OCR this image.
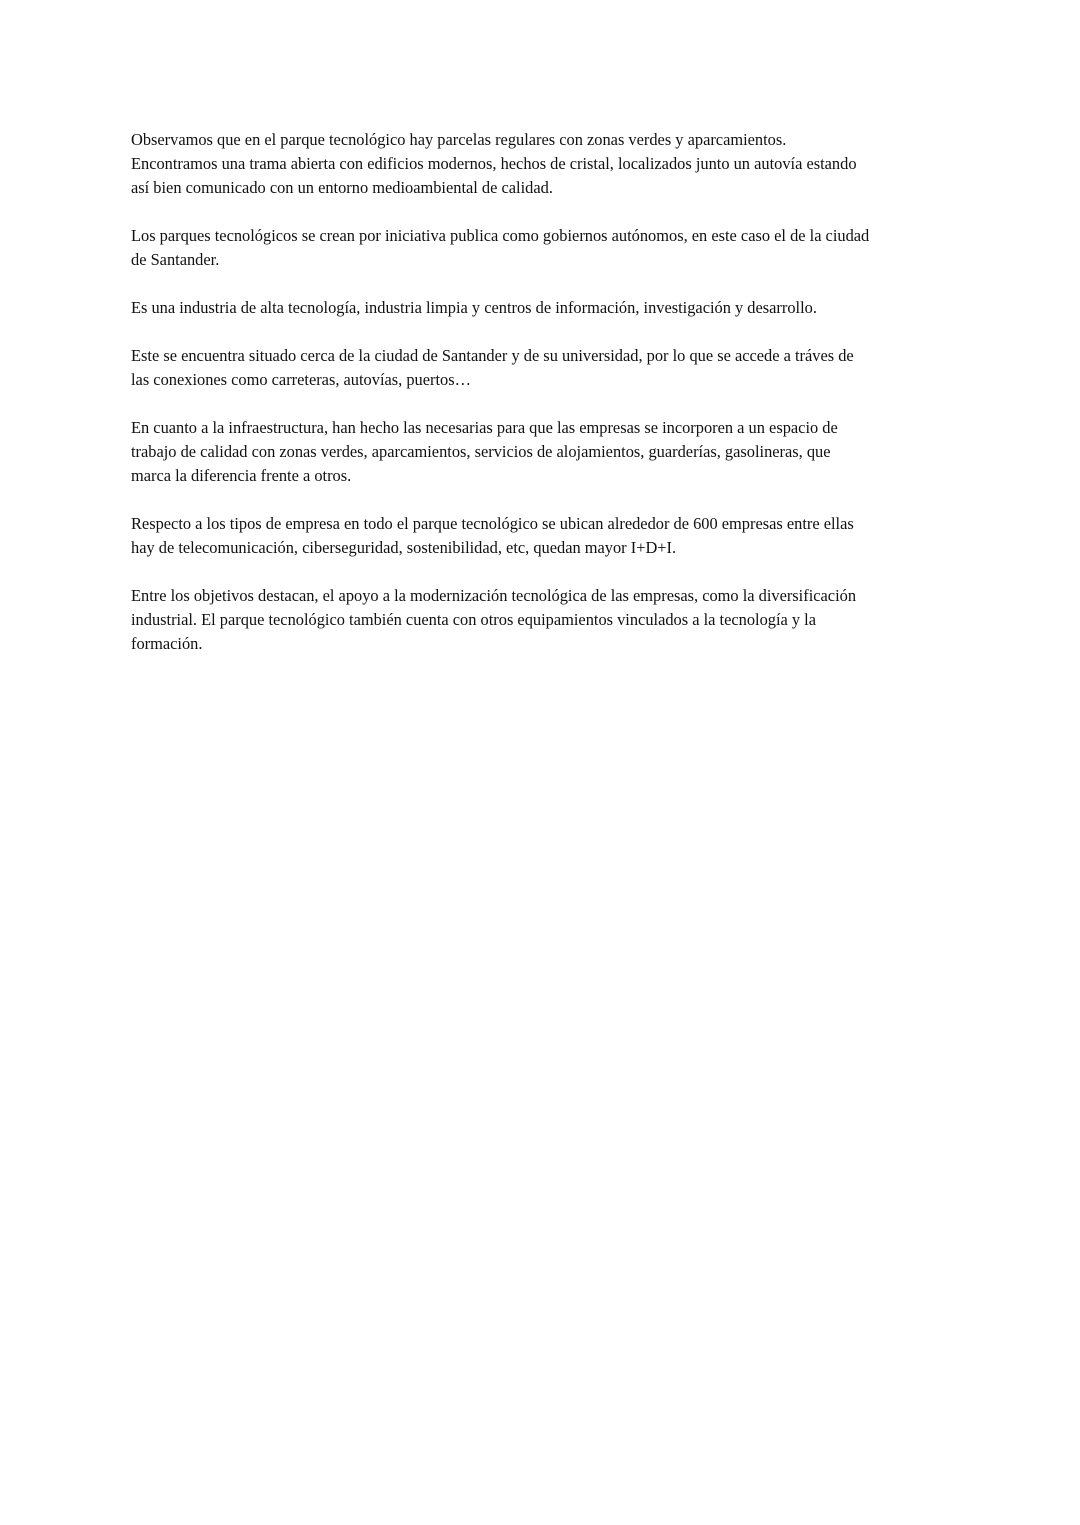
Observamos que en el parque tecnológico hay parcelas regulares con zonas verdes y aparcamientos.
Encontramos una trama abierta con edificios modernos, hechos de cristal, localizados junto un autovía estando
así bien comunicado con un entorno medioambiental de calidad.

Los parques tecnológicos se crean por iniciativa publica como gobiernos autónomos, en este caso el de la ciudad
de Santander.

Es una industria de alta tecnología, industria limpia y centros de información, investigación y desarrollo.

Este se encuentra situado cerca de la ciudad de Santander y de su universidad, por lo que se accede a tráves de
las conexiones como carreteras, autovías, puertos…

En cuanto a la infraestructura, han hecho las necesarias para que las empresas se incorporen a un espacio de
trabajo de calidad con zonas verdes, aparcamientos, servicios de alojamientos, guarderías, gasolineras, que
marca la diferencia frente a otros.

Respecto a los tipos de empresa en todo el parque tecnológico se ubican alrededor de 600 empresas entre ellas
hay de telecomunicación, ciberseguridad, sostenibilidad, etc, quedan mayor I+D+I.

Entre los objetivos destacan, el apoyo a la modernización tecnológica de las empresas, como la diversificación
industrial. El parque tecnológico también cuenta con otros equipamientos vinculados a la tecnología y la
formación.
